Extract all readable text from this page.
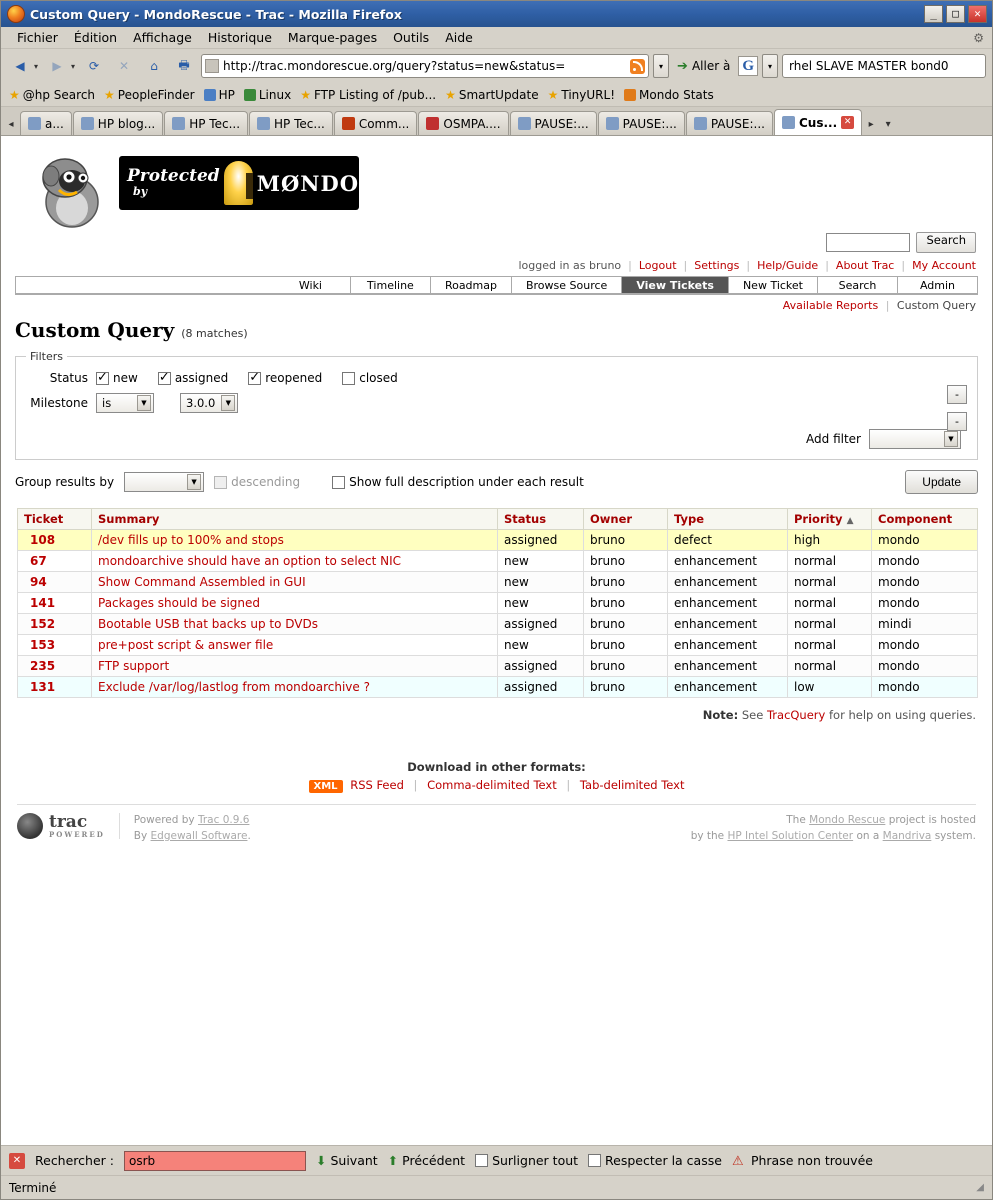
Custom Query - MondoRescue - Trac - Mozilla Firefox	_	□	✕
Fichier	Édition	Affichage	Historique	Marque-pages	Outils	Aide	⚙
◀	▾	▶	▾	⟳	✕	⌂	🖶	http://trac.mondorescue.org/query?status=new&status=	▾	➔ Aller à G	▾	rhel SLAVE MASTER bond0
★ @hp Search ★ PeopleFinder HP Linux ★ FTP Listing of /pub... ★ SmartUpdate ★ TinyURL! Mondo Stats
◂	a...	HP blog...	HP Tec...	HP Tec...	Comm...	OSMPA....	PAUSE:...	PAUSE:...	PAUSE:...	Cus... ✕	▸	▾
Protected
by	MØNDO
Search
logged in as bruno | Logout | Settings | Help/Guide | About Trac | My Account
Wiki	Timeline	Roadmap	Browse Source	View Tickets	New Ticket	Search	Admin
Available Reports | Custom Query
Custom Query (8 matches)
Filters
Status ✓ new ✓	assigned ✓	reopened	closed
-
Milestone is	▼	3.0.0	▼
-
Add filter	▼
Group results by	▼	descending	Show full description under each result	Update
Ticket	Summary	Status	Owner	Type	Priority ▲	Component
108	/dev fills up to 100% and stops	assigned	bruno	defect	high	mondo
67	mondoarchive should have an option to select NIC	new	bruno	enhancement	normal	mondo
94	Show Command Assembled in GUI	new	bruno	enhancement	normal	mondo
141	Packages should be signed	new	bruno	enhancement	normal	mondo
152	Bootable USB that backs up to DVDs	assigned	bruno	enhancement	normal	mindi
153	pre+post script & answer file	new	bruno	enhancement	normal	mondo
235	FTP support	assigned	bruno	enhancement	normal	mondo
131	Exclude /var/log/lastlog from mondoarchive ?	assigned	bruno	enhancement	low	mondo
Note: See TracQuery for help on using queries.
Download in other formats:
XML RSS Feed | Comma-delimited Text | Tab-delimited Text
trac
POWERED
Powered by Trac 0.9.6
By Edgewall Software.
The Mondo Rescue project is hosted
by the HP Intel Solution Center on a Mandriva system.
✕	Rechercher :	osrb	⬇ Suivant ⬆ Précédent Surligner tout Respecter la casse ⚠ Phrase non trouvée
Terminé	◢
